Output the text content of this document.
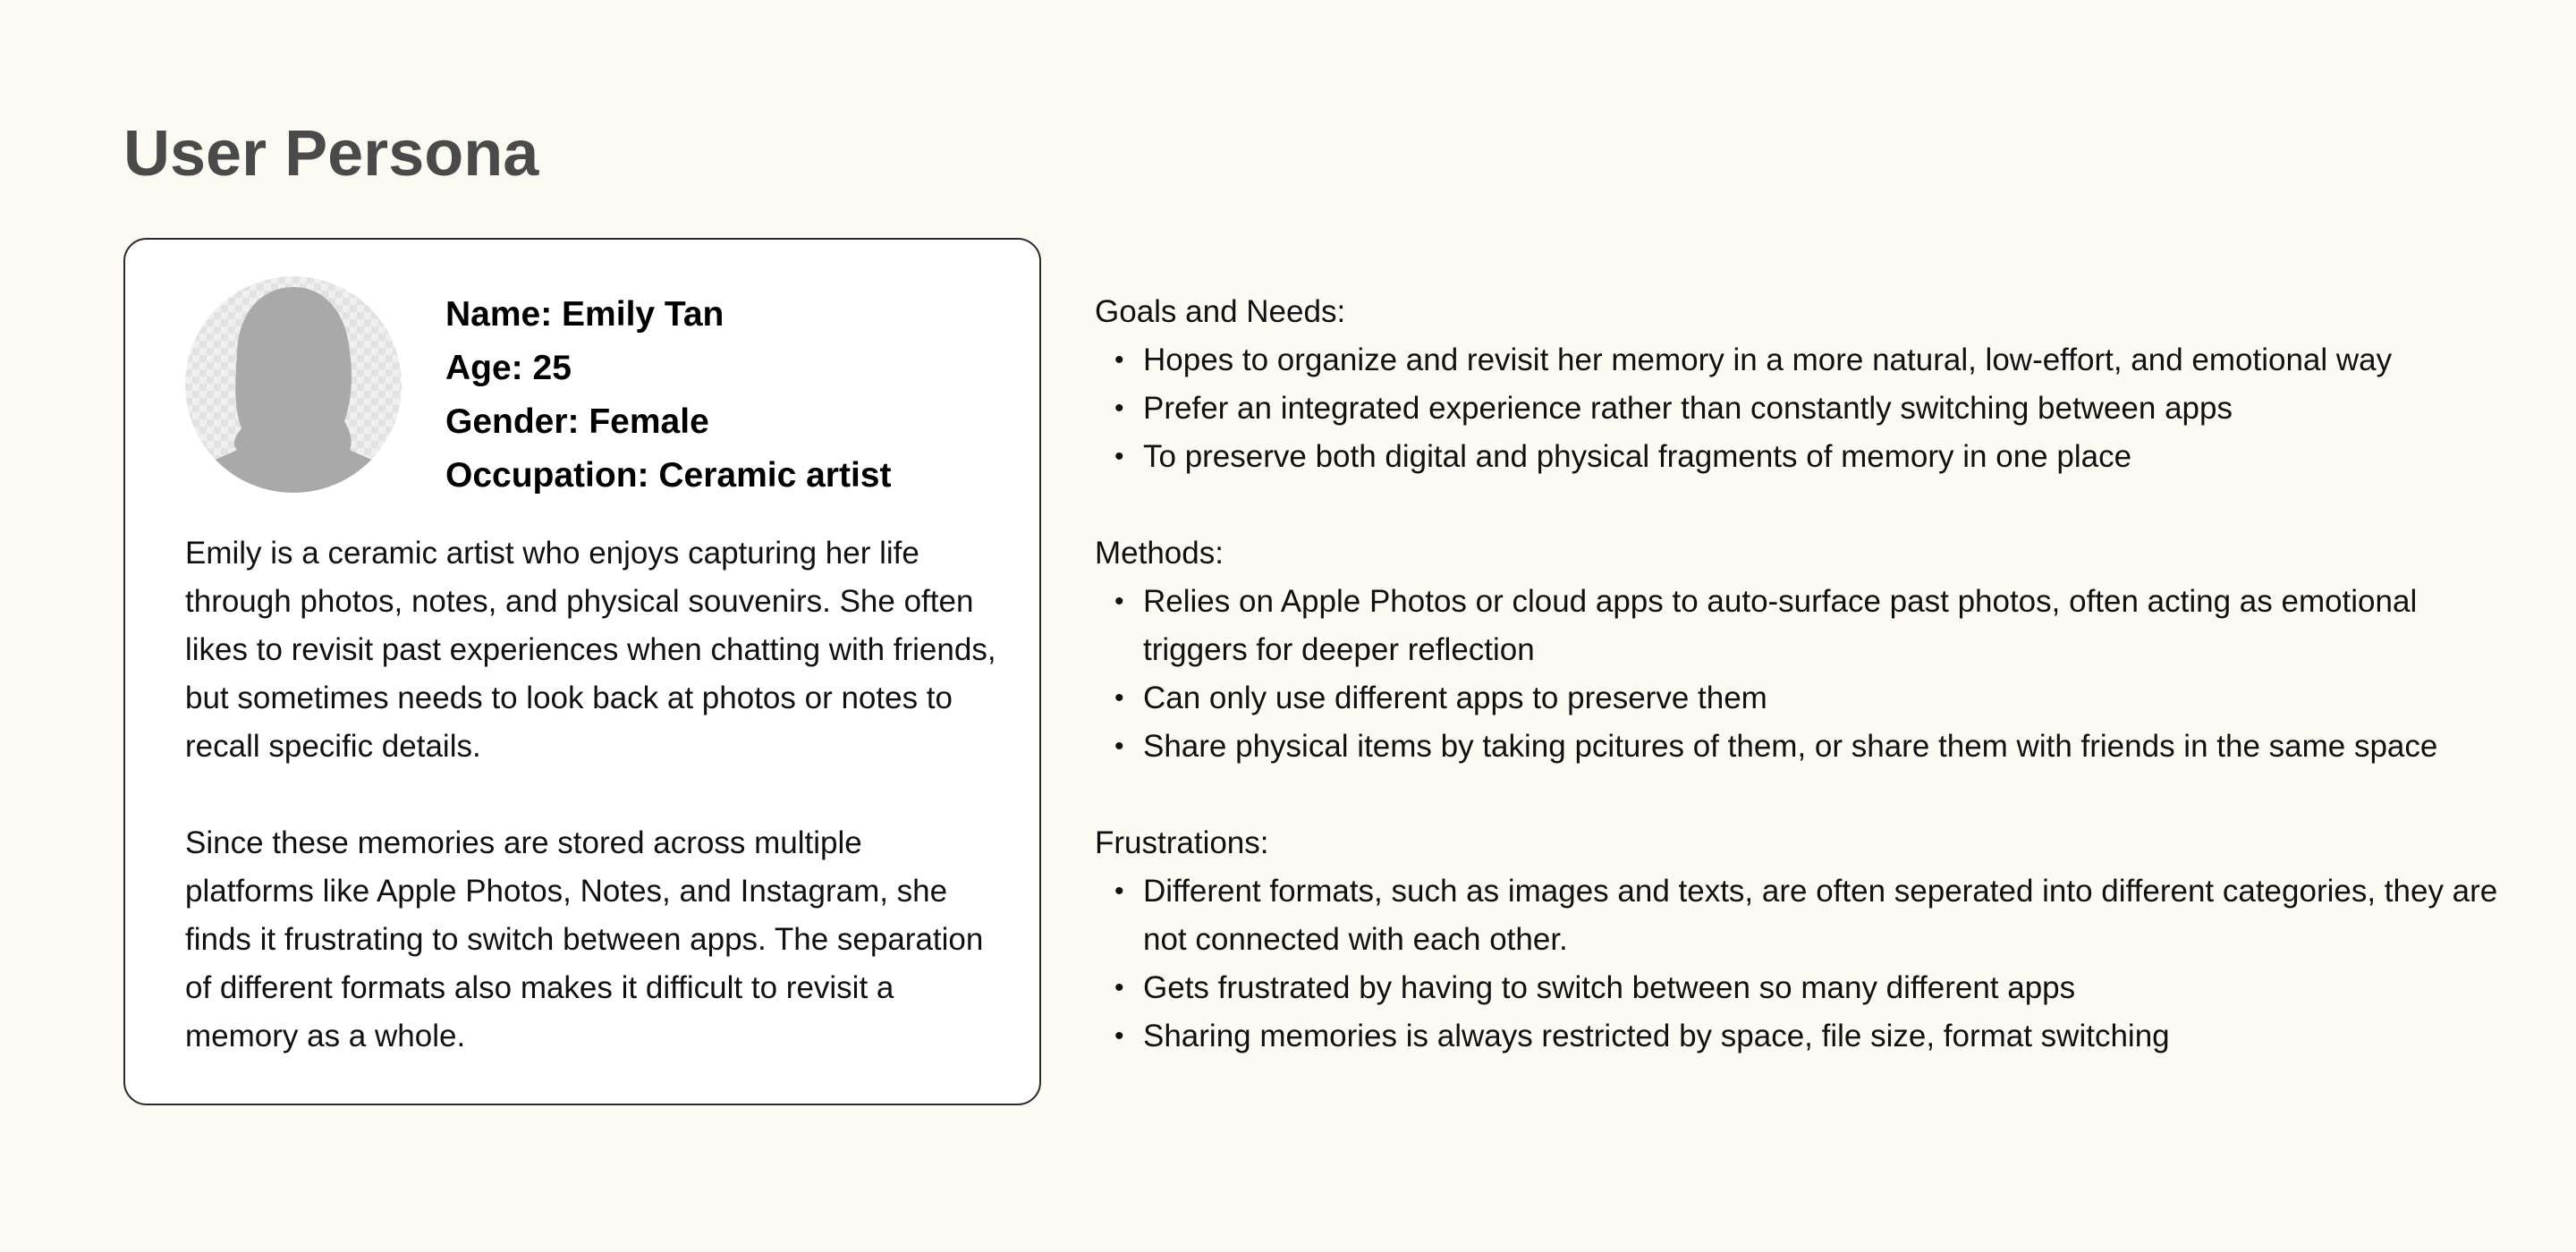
User Persona
Name: Emily Tan
Age: 25
Gender: Female
Occupation: Ceramic artist

Emily is a ceramic artist who enjoys capturing her life through photos, notes, and physical souvenirs. She often likes to revisit past experiences when chatting with friends, but sometimes needs to look back at photos or notes to recall specific details.

Since these memories are stored across multiple platforms like Apple Photos, Notes, and Instagram, she finds it frustrating to switch between apps. The separation of different formats also makes it difficult to revisit a memory as a whole.

Goals and Needs:
• Hopes to organize and revisit her memory in a more natural, low-effort, and emotional way
• Prefer an integrated experience rather than constantly switching between apps
• To preserve both digital and physical fragments of memory in one place
Methods:
• Relies on Apple Photos or cloud apps to auto-surface past photos, often acting as emotional triggers for deeper reflection
• Can only use different apps to preserve them
• Share physical items by taking pcitures of them, or share them with friends in the same space
Frustrations:
• Different formats, such as images and texts, are often seperated into different categories, they are not connected with each other.
• Gets frustrated by having to switch between so many different apps
• Sharing memories is always restricted by space, file size, format switching
